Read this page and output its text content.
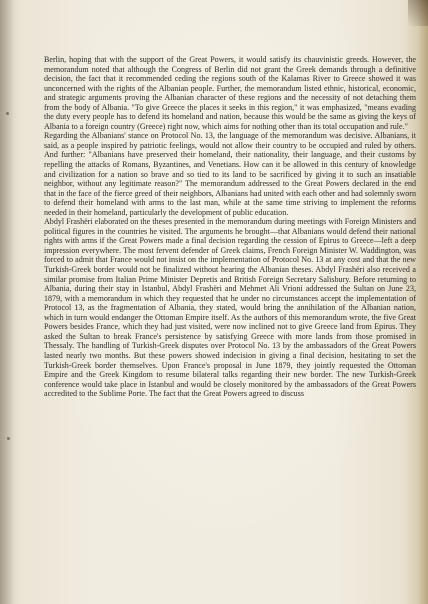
Berlin, hoping that with the support of the Great Powers, it would satisfy its chauvinistic greeds. However, the memorandum noted that although the Congress of Berlin did not grant the Greek demands through a definitive decision, the fact that it recommended ceding the regions south of the Kalamas River to Greece showed it was unconcerned with the rights of the Albanian people. Further, the memorandum listed ethnic, historical, economic, and strategic arguments proving the Albanian character of these regions and the necessity of not detaching them from the body of Albania. "To give Greece the places it seeks in this region," it was emphasized, "means evading the duty every people has to defend its homeland and nation, because this would be the same as giving the keys of Albania to a foreign country (Greece) right now, which aims for nothing other than its total occupation and rule."

Regarding the Albanians' stance on Protocol No. 13, the language of the memorandum was decisive. Albanians, it said, as a people inspired by patriotic feelings, would not allow their country to be occupied and ruled by others. And further: "Albanians have preserved their homeland, their nationality, their language, and their customs by repelling the attacks of Romans, Byzantines, and Venetians. How can it be allowed in this century of knowledge and civilization for a nation so brave and so tied to its land to be sacrificed by giving it to such an insatiable neighbor, without any legitimate reason?" The memorandum addressed to the Great Powers declared in the end that in the face of the fierce greed of their neighbors, Albanians had united with each other and had solemnly sworn to defend their homeland with arms to the last man, while at the same time striving to implement the reforms needed in their homeland, particularly the development of public education.

Abdyl Frashëri elaborated on the theses presented in the memorandum during meetings with Foreign Ministers and political figures in the countries he visited. The arguments he brought—that Albanians would defend their national rights with arms if the Great Powers made a final decision regarding the cession of Epirus to Greece—left a deep impression everywhere. The most fervent defender of Greek claims, French Foreign Minister W. Waddington, was forced to admit that France would not insist on the implementation of Protocol No. 13 at any cost and that the new Turkish-Greek border would not be finalized without hearing the Albanian theses. Abdyl Frashëri also received a similar promise from Italian Prime Minister Depretis and British Foreign Secretary Salisbury. Before returning to Albania, during their stay in Istanbul, Abdyl Frashëri and Mehmet Ali Vrioni addressed the Sultan on June 23, 1879, with a memorandum in which they requested that he under no circumstances accept the implementation of Protocol 13, as the fragmentation of Albania, they stated, would bring the annihilation of the Albanian nation, which in turn would endanger the Ottoman Empire itself. As the authors of this memorandum wrote, the five Great Powers besides France, which they had just visited, were now inclined not to give Greece land from Epirus. They asked the Sultan to break France's persistence by satisfying Greece with more lands from those promised in Thessaly. The handling of Turkish-Greek disputes over Protocol No. 13 by the ambassadors of the Great Powers lasted nearly two months. But these powers showed indecision in giving a final decision, hesitating to set the Turkish-Greek border themselves. Upon France's proposal in June 1879, they jointly requested the Ottoman Empire and the Greek Kingdom to resume bilateral talks regarding their new border. The new Turkish-Greek conference would take place in Istanbul and would be closely monitored by the ambassadors of the Great Powers accredited to the Sublime Porte. The fact that the Great Powers agreed to discuss
